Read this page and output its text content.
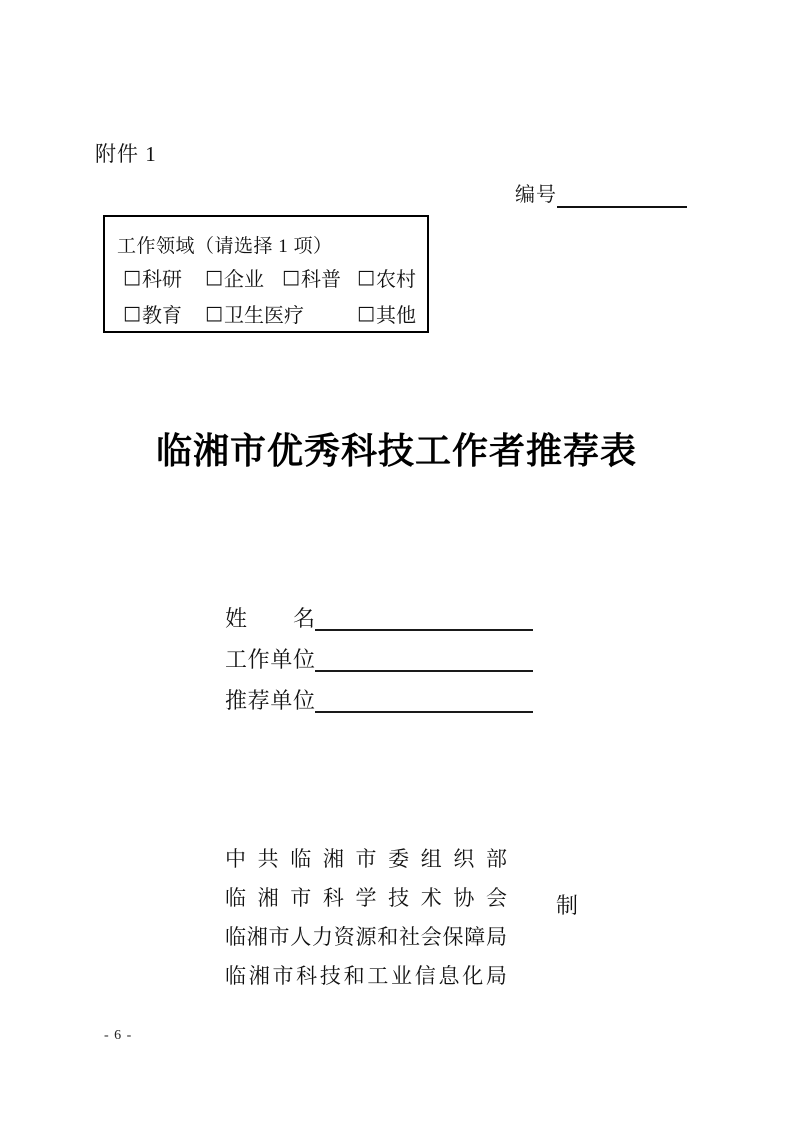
附件 1
编号
工作领域（请选择 1 项）
□ 科研 □ 企业 □ 科普 □ 农村
□ 教育 □ 卫生医疗	□ 其他
临湘市优秀科技工作者推荐表
姓 名
工 作 单 位
推 荐 单 位
中 共 临 湘 市 委 组 织 部
临 湘 市 科 学 技 术 协 会
临 湘 市 人 力 资 源 和 社 会 保 障 局
临 湘 市 科 技 和 工 业 信 息 化 局
制
- 6 -
